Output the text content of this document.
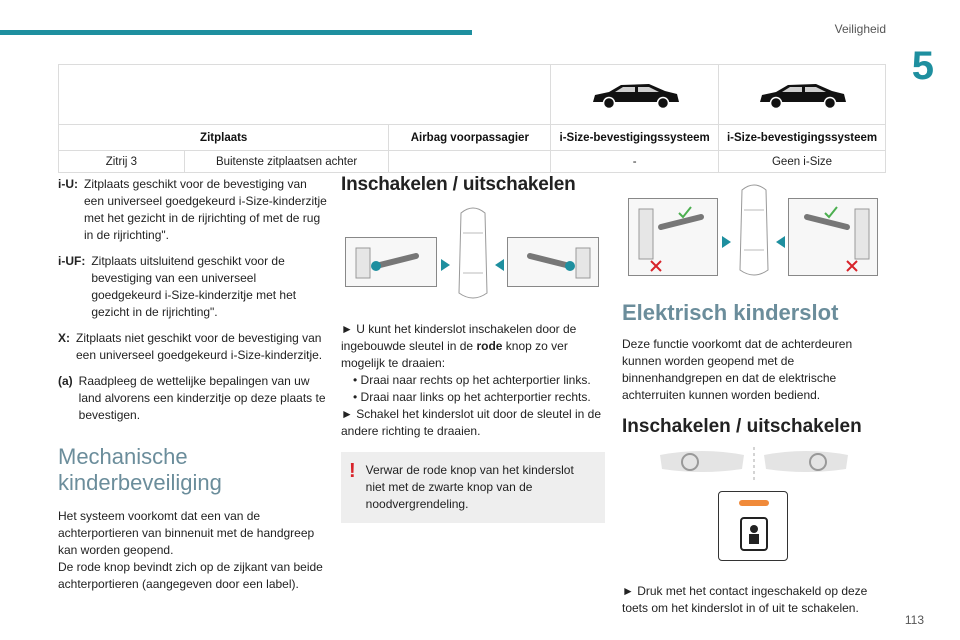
Veiligheid
5
113

Zitplaats		Airbag voorpassagier	i-Size-bevestigingssysteem	i-Size-bevestigingssysteem
Zitrij 3	Buitenste zitplaatsen achter		-	Geen i-Size
i-U: Zitplaats geschikt voor de bevestiging van een universeel goedgekeurd i-Size-kinderzitje met het gezicht in de rijrichting of met de rug in de rijrichting".
i-UF: Zitplaats uitsluitend geschikt voor de bevestiging van een universeel goedgekeurd i-Size-kinderzitje met het gezicht in de rijrichting".
X: Zitplaats niet geschikt voor de bevestiging van een universeel goedgekeurd i-Size-kinderzitje.
(a) Raadpleeg de wettelijke bepalingen van uw land alvorens een kinderzitje op deze plaats te bevestigen.
Mechanische kinderbeveiliging

Het systeem voorkomt dat een van de achterportieren van binnenuit met de handgreep kan worden geopend.

De rode knop bevindt zich op de zijkant van beide achterportieren (aangegeven door een label).

Inschakelen / uitschakelen

► U kunt het kinderslot inschakelen door de ingebouwde sleutel in de rode knop zo ver mogelijk te draaien:

• Draai naar rechts op het achterportier links.
• Draai naar links op het achterportier rechts.

► Schakel het kinderslot uit door de sleutel in de andere richting te draaien.

! Verwar de rode knop van het kinderslot niet met de zwarte knop van de noodvergrendeling.
Elektrisch kinderslot

Deze functie voorkomt dat de achterdeuren kunnen worden geopend met de binnenhandgrepen en dat de elektrische achterruiten kunnen worden bediend.

Inschakelen / uitschakelen

► Druk met het contact ingeschakeld op deze toets om het kinderslot in of uit te schakelen.
